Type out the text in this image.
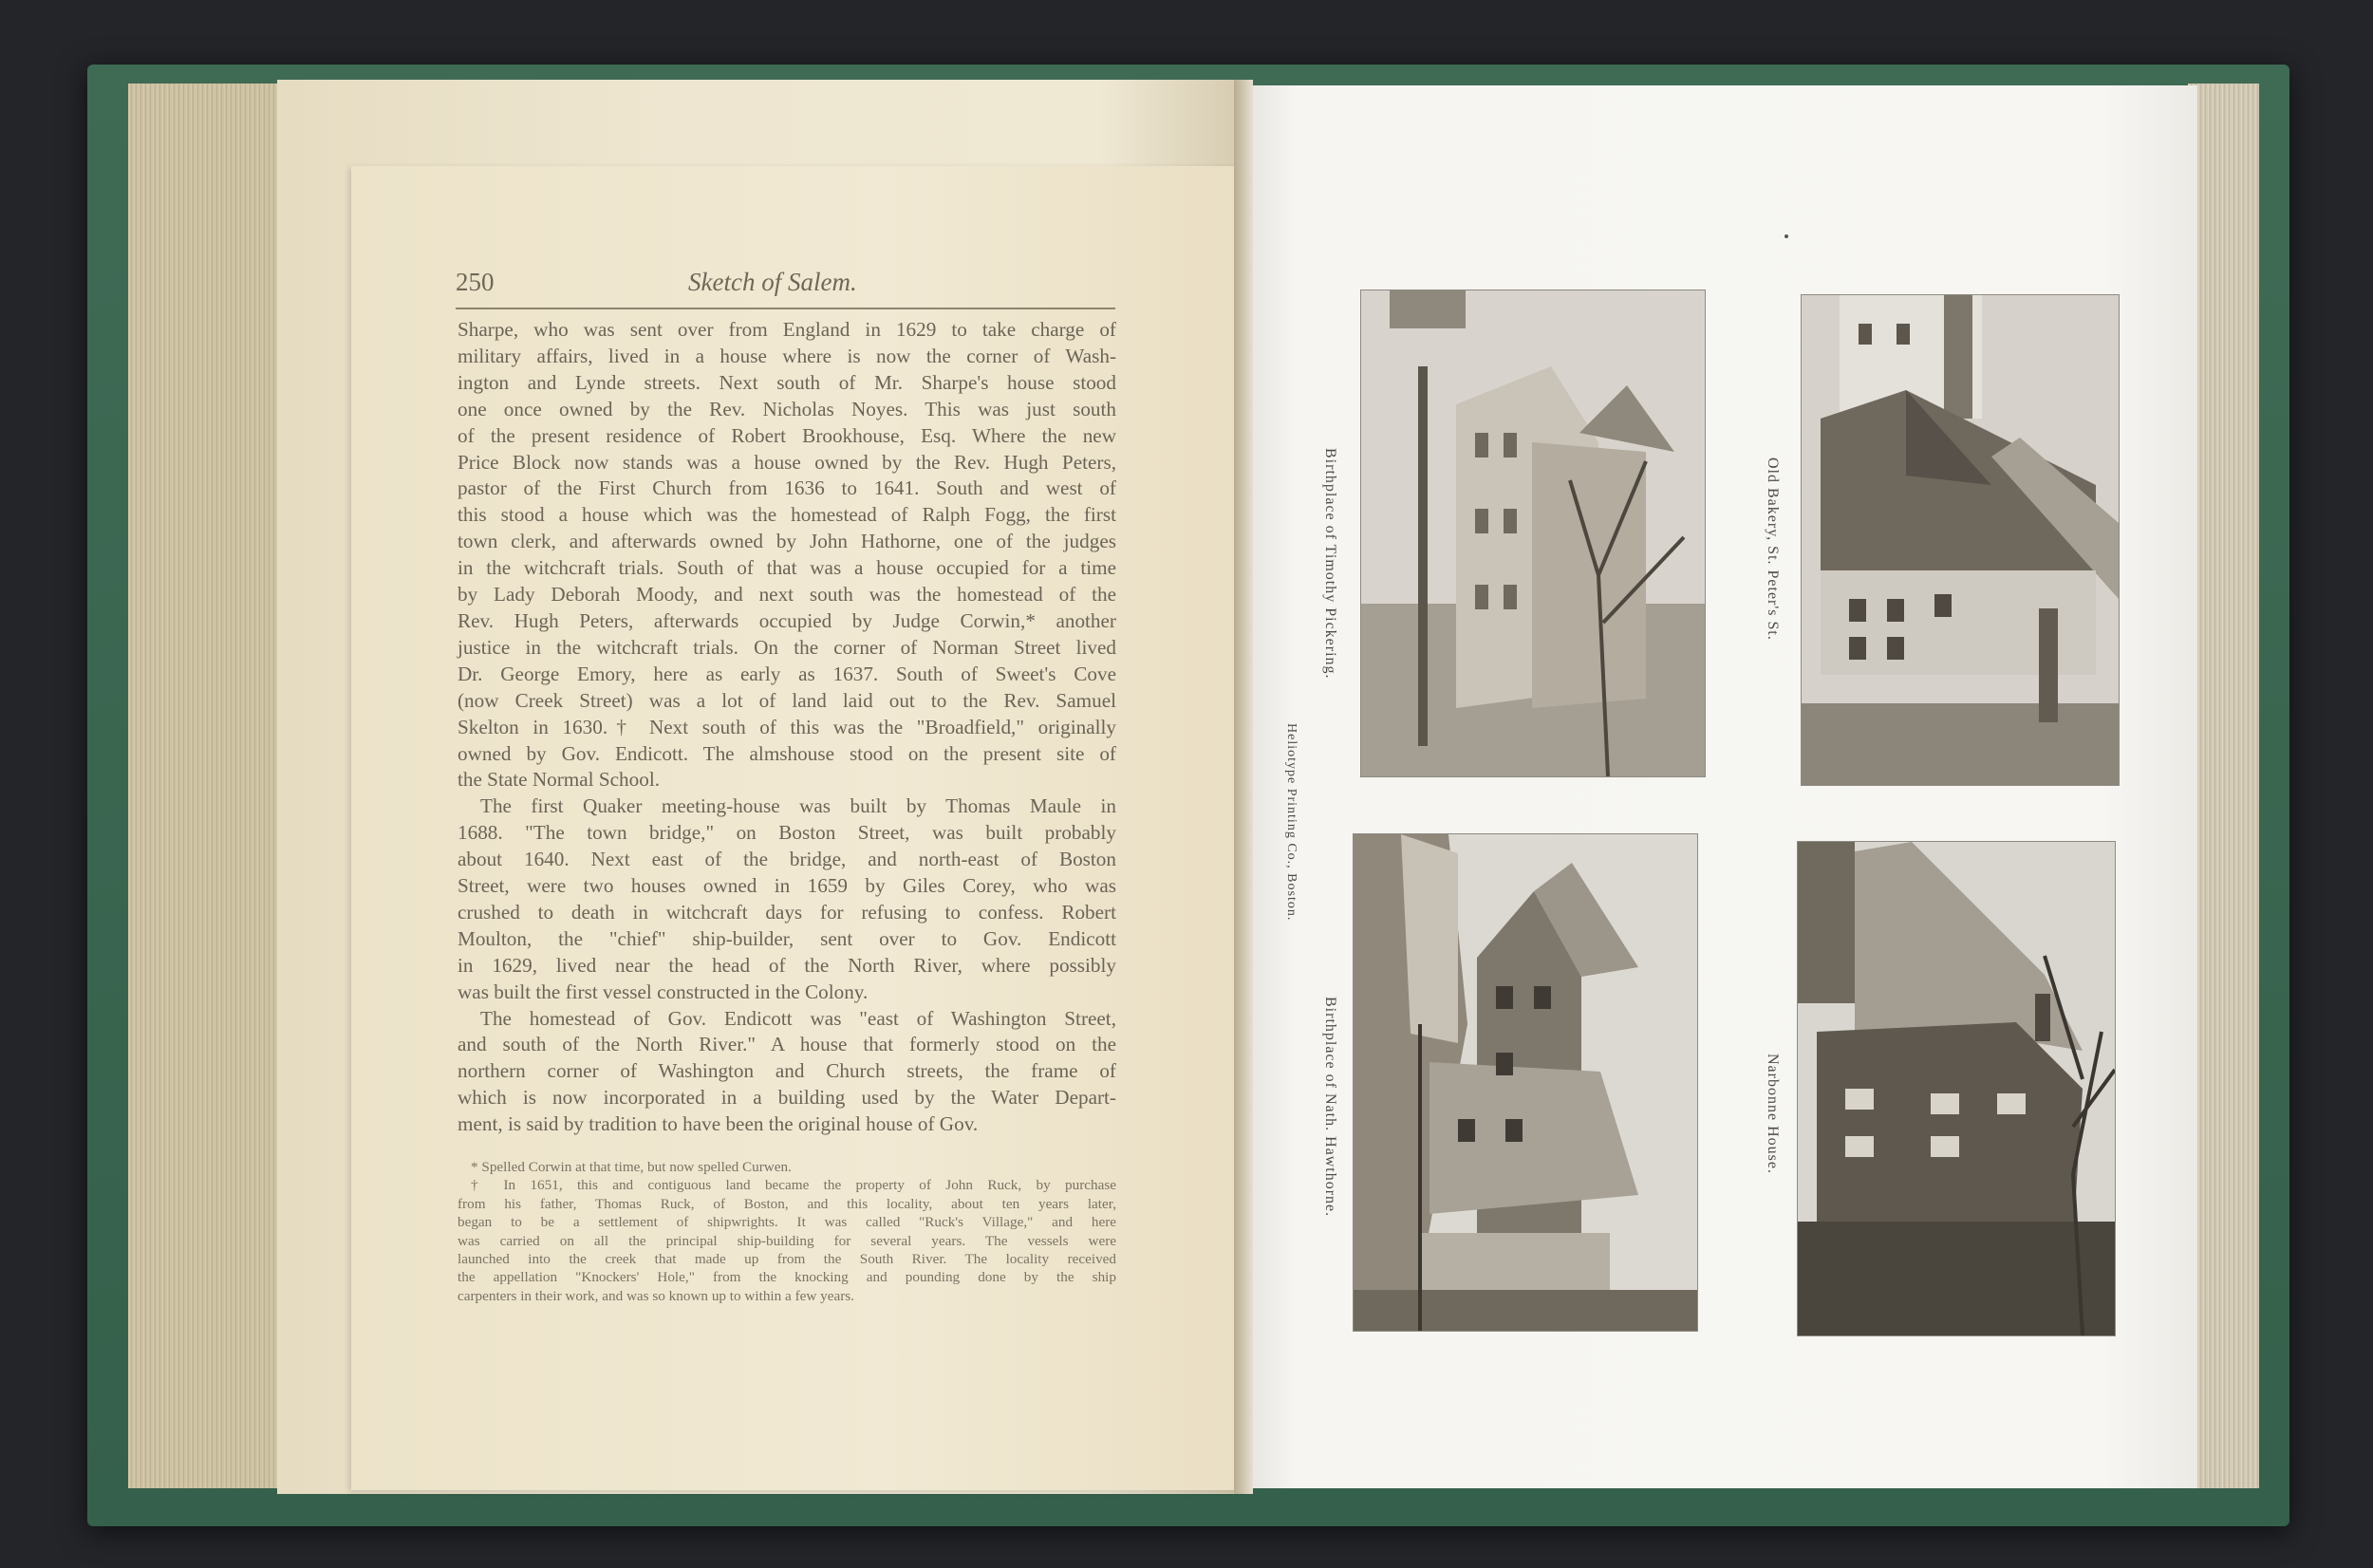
250	Sketch of Salem.
Sharpe, who was sent over from England in 1629 to take charge of
military affairs, lived in a house where is now the corner of Wash-
ington and Lynde streets. Next south of Mr. Sharpe's house stood
one once owned by the Rev. Nicholas Noyes. This was just south
of the present residence of Robert Brookhouse, Esq. Where the new
Price Block now stands was a house owned by the Rev. Hugh Peters,
pastor of the First Church from 1636 to 1641. South and west of
this stood a house which was the homestead of Ralph Fogg, the first
town clerk, and afterwards owned by John Hathorne, one of the judges
in the witchcraft trials. South of that was a house occupied for a time
by Lady Deborah Moody, and next south was the homestead of the
Rev. Hugh Peters, afterwards occupied by Judge Corwin,* another
justice in the witchcraft trials. On the corner of Norman Street lived
Dr. George Emory, here as early as 1637. South of Sweet's Cove
(now Creek Street) was a lot of land laid out to the Rev. Samuel
Skelton in 1630.† Next south of this was the "Broadfield," originally
owned by Gov. Endicott. The almshouse stood on the present site of
the State Normal School.
The first Quaker meeting-house was built by Thomas Maule in
1688. "The town bridge," on Boston Street, was built probably
about 1640. Next east of the bridge, and north-east of Boston
Street, were two houses owned in 1659 by Giles Corey, who was
crushed to death in witchcraft days for refusing to confess. Robert
Moulton, the "chief" ship-builder, sent over to Gov. Endicott
in 1629, lived near the head of the North River, where possibly
was built the first vessel constructed in the Colony.
The homestead of Gov. Endicott was "east of Washington Street,
and south of the North River." A house that formerly stood on the
northern corner of Washington and Church streets, the frame of
which is now incorporated in a building used by the Water Depart-
ment, is said by tradition to have been the original house of Gov.
* Spelled Corwin at that time, but now spelled Curwen.
† In 1651, this and contiguous land became the property of John Ruck, by purchase
from his father, Thomas Ruck, of Boston, and this locality, about ten years later,
began to be a settlement of shipwrights. It was called "Ruck's Village," and here
was carried on all the principal ship-building for several years. The vessels were
launched into the creek that made up from the South River. The locality received
the appellation "Knockers' Hole," from the knocking and pounding done by the ship
carpenters in their work, and was so known up to within a few years.
Birthplace of Timothy Pickering.	Old Bakery, St. Peter's St.
Heliotype Printing Co., Boston.
Birthplace of Nath. Hawthorne.	Narbonne House.
